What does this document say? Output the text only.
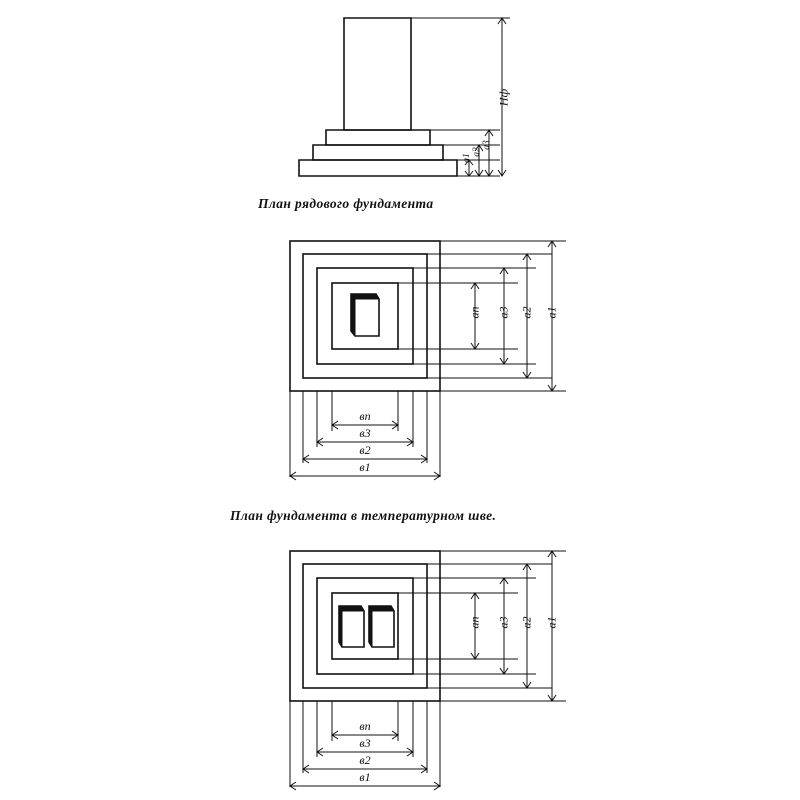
План рядового фундамента
План фундамента в температурном шве.
Нф
а3
а2
а1
ап а3 а2 а1
вп
в3
в2
в1
ап а3 а2 а1
вп
в3
в2
в1
